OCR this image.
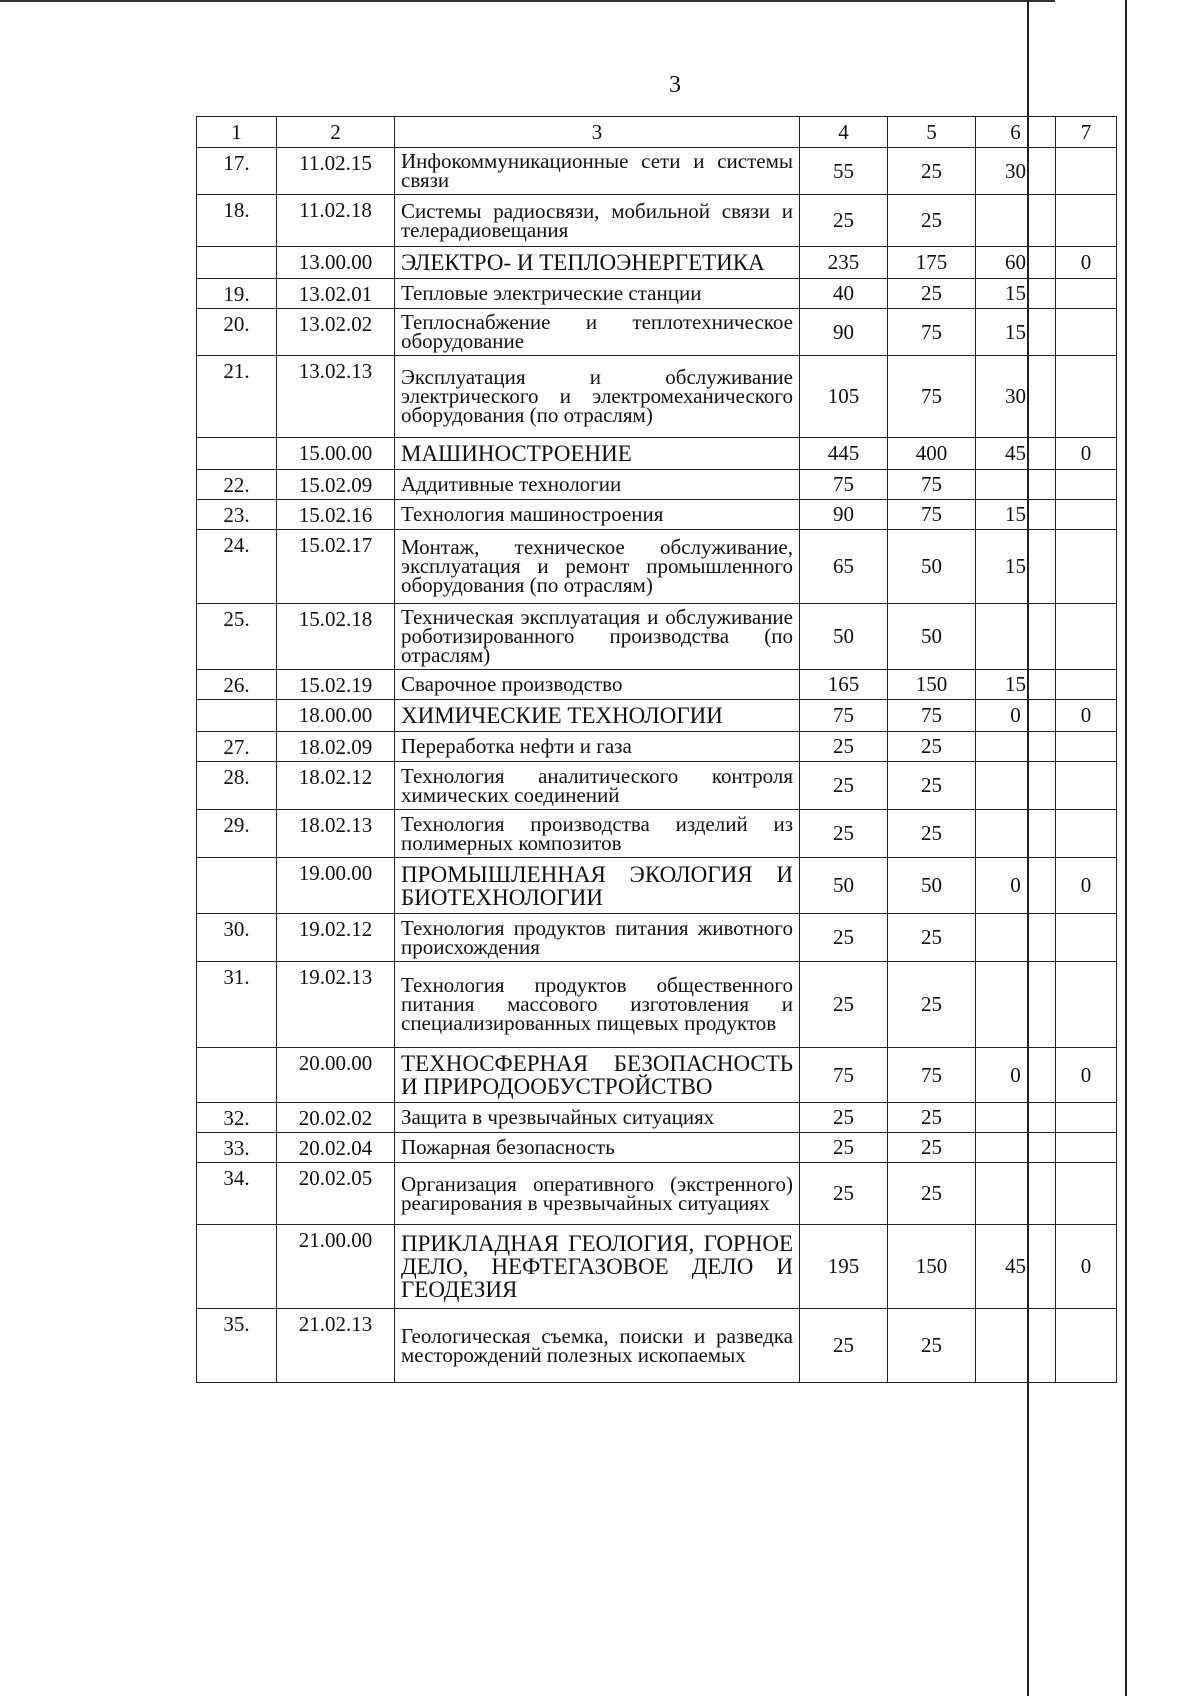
3
1	2	3	4	5	6	7
17.	11.02.15	Инфокоммуникационные сети и системы связи	55	25	30	
18.	11.02.18	Системы радиосвязи, мобильной связи и телерадиовещания	25	25		
	13.00.00	ЭЛЕКТРО- И ТЕПЛОЭНЕРГЕТИКА	235	175	60	0
19.	13.02.01	Тепловые электрические станции	40	25	15	
20.	13.02.02	Теплоснабжение и теплотехническое оборудование	90	75	15	
21.	13.02.13	Эксплуатация и обслуживание электрического и электромеханического оборудования (по отраслям)	105	75	30	
	15.00.00	МАШИНОСТРОЕНИЕ	445	400	45	0
22.	15.02.09	Аддитивные технологии	75	75		
23.	15.02.16	Технология машиностроения	90	75	15	
24.	15.02.17	Монтаж, техническое обслуживание, эксплуатация и ремонт промышленного оборудования (по отраслям)	65	50	15	
25.	15.02.18	Техническая эксплуатация и обслуживание роботизированного производства (по отраслям)	50	50		
26.	15.02.19	Сварочное производство	165	150	15	
	18.00.00	ХИМИЧЕСКИЕ ТЕХНОЛОГИИ	75	75	0	0
27.	18.02.09	Переработка нефти и газа	25	25		
28.	18.02.12	Технология аналитического контроля химических соединений	25	25		
29.	18.02.13	Технология производства изделий из полимерных композитов	25	25		
	19.00.00	ПРОМЫШЛЕННАЯ ЭКОЛОГИЯ И БИОТЕХНОЛОГИИ	50	50	0	0
30.	19.02.12	Технология продуктов питания животного происхождения	25	25		
31.	19.02.13	Технология продуктов общественного питания массового изготовления и специализированных пищевых продуктов	25	25		
	20.00.00	ТЕХНОСФЕРНАЯ БЕЗОПАСНОСТЬ И ПРИРОДООБУСТРОЙСТВО	75	75	0	0
32.	20.02.02	Защита в чрезвычайных ситуациях	25	25		
33.	20.02.04	Пожарная безопасность	25	25		
34.	20.02.05	Организация оперативного (экстренного) реагирования в чрезвычайных ситуациях	25	25		
	21.00.00	ПРИКЛАДНАЯ ГЕОЛОГИЯ, ГОРНОЕ ДЕЛО, НЕФТЕГАЗОВОЕ ДЕЛО И ГЕОДЕЗИЯ	195	150	45	0
35.	21.02.13	Геологическая съемка, поиски и разведка месторождений полезных ископаемых	25	25		
